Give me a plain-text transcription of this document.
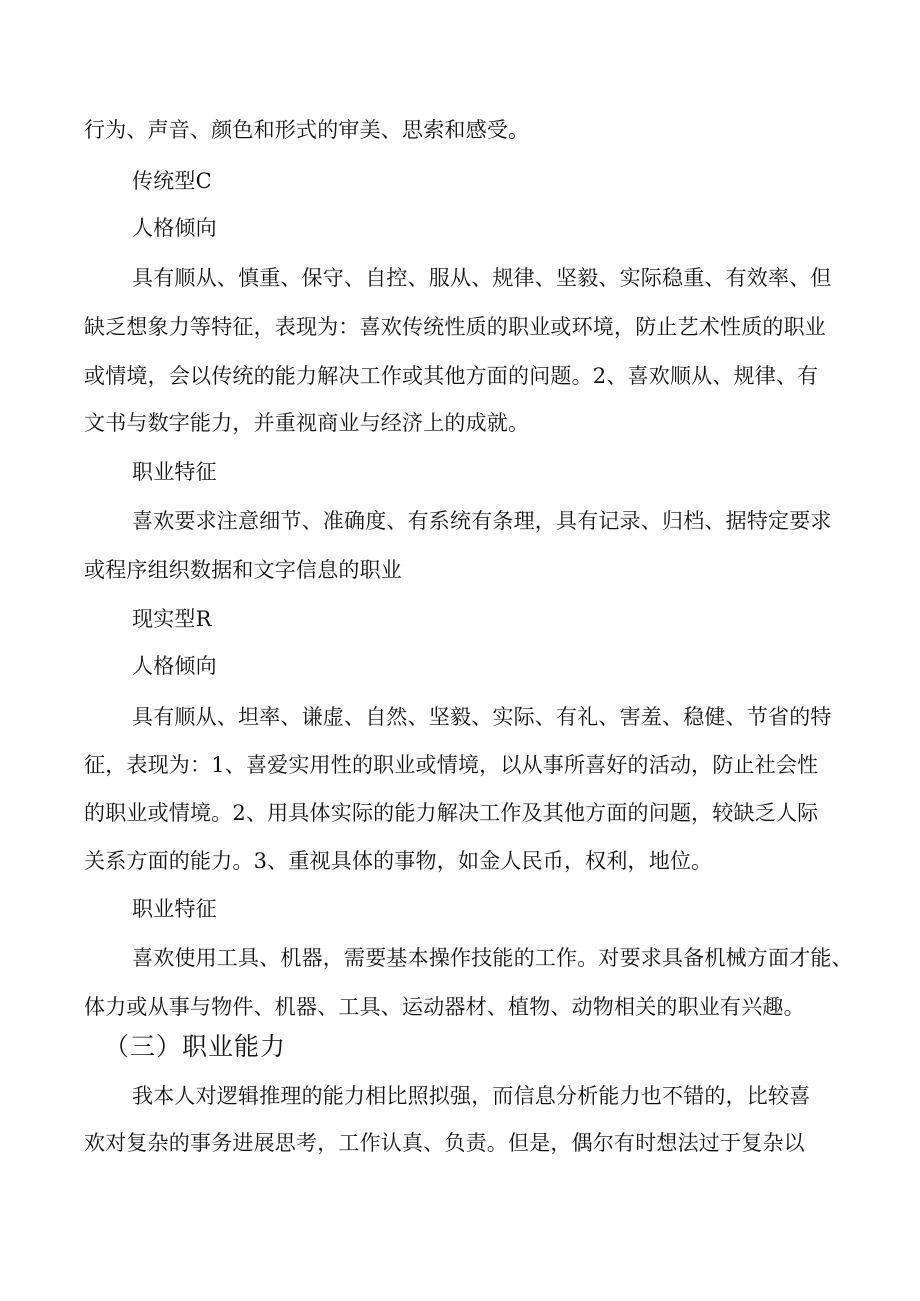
行为、声音、颜色和形式的审美、思索和感受。
传统型C
人格倾向
具有顺从、慎重、保守、自控、服从、规律、坚毅、实际稳重、有效率、但
缺乏想象力等特征，表现为：喜欢传统性质的职业或环境，防止艺术性质的职业
或情境，会以传统的能力解决工作或其他方面的问题。2、喜欢顺从、规律、有
文书与数字能力，并重视商业与经济上的成就。
职业特征
喜欢要求注意细节、准确度、有系统有条理，具有记录、归档、据特定要求
或程序组织数据和文字信息的职业
现实型R
人格倾向
具有顺从、坦率、谦虚、自然、坚毅、实际、有礼、害羞、稳健、节省的特
征，表现为：1、喜爱实用性的职业或情境，以从事所喜好的活动，防止社会性
的职业或情境。2、用具体实际的能力解决工作及其他方面的问题，较缺乏人际
关系方面的能力。3、重视具体的事物，如金人民币，权利，地位。
职业特征
喜欢使用工具、机器，需要基本操作技能的工作。对要求具备机械方面才能、
体力或从事与物件、机器、工具、运动器材、植物、动物相关的职业有兴趣。
（三）职业能力
我本人对逻辑推理的能力相比照拟强，而信息分析能力也不错的，比较喜
欢对复杂的事务进展思考，工作认真、负责。但是，偶尔有时想法过于复杂以
